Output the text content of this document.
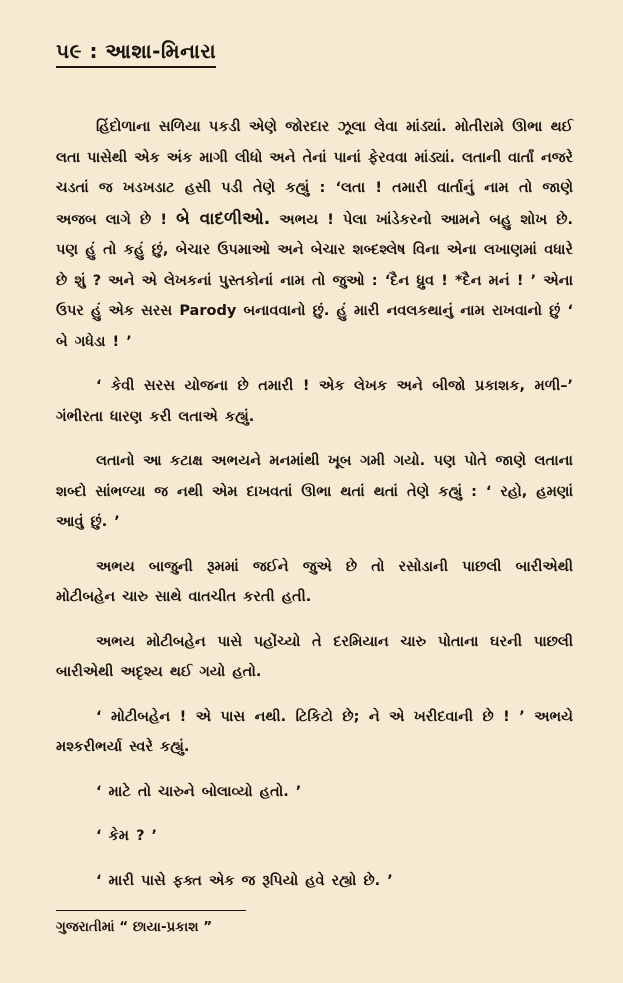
૫૯ : આશા-મિનારા

હિંદોળાના સળિયા પકડી એણે જોરદાર ઝૂલા લેવા માંડ્યાં. મોતીરામે ઊભા થઈ લતા પાસેથી એક અંક માગી લીધો અને તેનાં પાનાં ફેરવવા માંડ્યાં. લતાની વાર્તાં નજરે ચડતાં જ ખડખડાટ હસી પડી તેણે કહ્યું : ‘લતા ! તમારી વાર્તાનું નામ તો જાણે અજબ લાગે છે ! બે વાદળીઓ. અભય ! પેલા ખાંડેકરનો આમને બહુ શોખ છે. પણ હું તો કહું છું, બેચાર ઉપમાઓ અને બેચાર શબ્દશ્લેષ વિના એના લખાણમાં વધારે છે શું ? અને એ લેખકનાં પુસ્તકોનાં નામ તો જુઓ : ‘દૈન ધ્રુવ ! *દૈન મનં ! ’ એના ઉપર હું એક સરસ Parody બનાવવાનો છું. હું મારી નવલકથાનું નામ રાખવાનો છું ‘ બે ગધેડા ! ’

‘ કેવી સરસ યોજના છે તમારી ! એક લેખક અને બીજો પ્રકાશક, મળી–’ ગંભીરતા ધારણ કરી લતાએ કહ્યું.

લતાનો આ કટાક્ષ અભયને મનમાંથી ખૂબ ગમી ગયો. પણ પોતે જાણે લતાના શબ્દો સાંભળ્યા જ નથી એમ દાખવતાં ઊભા થતાં થતાં તેણે કહ્યું : ‘ રહો, હમણાં આવું છું. ’

અભય બાજુની રૂમમાં જઈને જુએ છે તો રસોડાની પાછલી બારીએથી મોટીબહેન ચારુ સાથે વાતચીત કરતી હતી.

અભય મોટીબહેન પાસે પહોંચ્યો તે દરમિયાન ચારુ પોતાના ઘરની પાછલી બારીએથી અદૃશ્ય થઈ ગયો હતો.

‘ મોટીબહેન ! એ પાસ નથી. ટિકિટો છે; ને એ ખરીદવાની છે ! ’ અભયે મશ્કરીભર્યા સ્વરે કહ્યું.

‘ માટે તો ચારુને બોલાવ્યો હતો. ’

‘ કેમ ? ’

‘ મારી પાસે ફક્ત એક જ રૂપિયો હવે રહ્યો છે. ’

ગુજરાતીમાં “ છાયા-પ્રકાશ ”
